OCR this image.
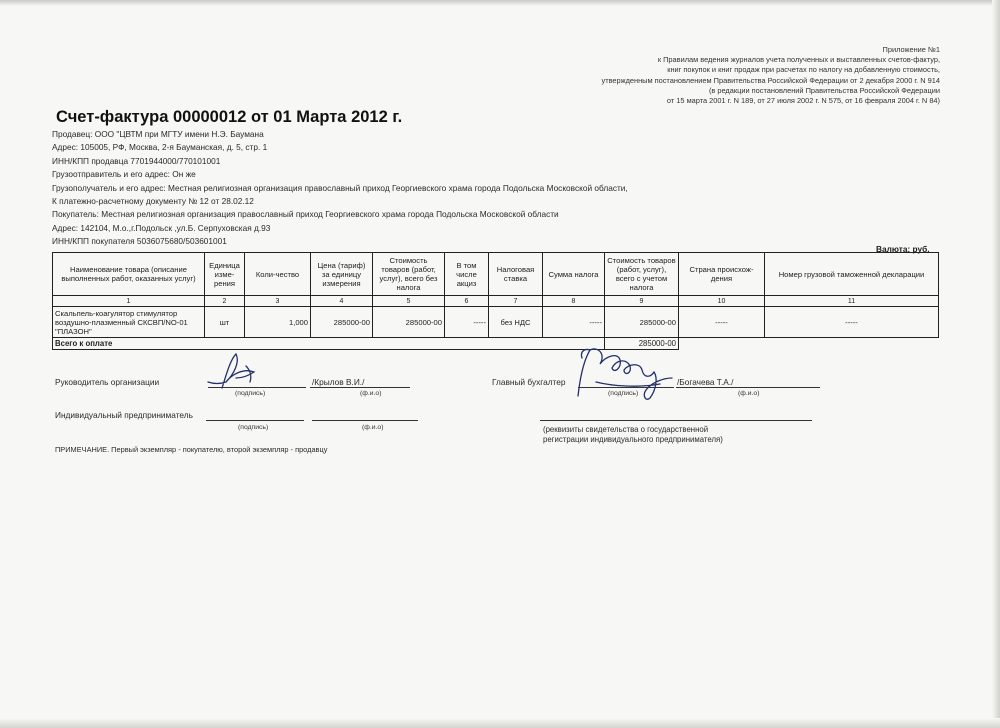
Приложение №1
к Правилам ведения журналов учета полученных и выставленных счетов-фактур,
книг покупок и книг продаж при расчетах по налогу на добавленную стоимость,
утвержденным постановлением Правительства Российской Федерации от 2 декабря 2000 г. N 914
(в редакции постановлений Правительства Российской Федерации
от 15 марта 2001 г. N 189, от 27 июля 2002 г. N 575, от 16 февраля 2004 г. N 84)
Счет-фактура 00000012 от 01 Марта 2012 г.
Продавец: ООО "ЦВТМ при МГТУ имени Н.Э. Баумана
Адрес: 105005, РФ, Москва, 2-я Бауманская, д. 5, стр. 1
ИНН/КПП продавца 7701944000/770101001
Грузоотправитель и его адрес: Он же
Грузополучатель и его адрес: Местная религиозная организация православный приход Георгиевского храма города Подольска Московской области,
К платежно-расчетному документу № 12 от 28.02.12
Покупатель: Местная религиозная организация православный приход Георгиевского храма города Подольска Московской области
Адрес: 142104, М.о.,г.Подольск ,ул.Б. Серпуховская д.93
ИНН/КПП покупателя 5036075680/503601001
Валюта: руб.
Наименование товара (описание выполненных работ, оказанных услуг)	Единица изме-рения	Коли-чество	Цена (тариф) за единицу измерения	Стоимость товаров (работ, услуг), всего без налога	В том числе акциз	Налоговая ставка	Сумма налога	Стоимость товаров (работ, услуг), всего с учетом налога	Страна происхож-дения	Номер грузовой таможенной декларации
1	2	3	4	5	6	7	8	9	10	11
Скальпель-коагулятор стимулятор воздушно-плазменный СКСВП/NO-01 "ПЛАЗОН"	шт	1,000	285000-00	285000-00	-----	без НДС	-----	285000-00	-----	-----
Всего к оплате								285000-00		
Руководитель организации
(подпись)
/Крылов В.И./
(ф.и.о)
Главный бухгалтер
(подпись)
/Богачева Т.А./
(ф.и.о)
Индивидуальный предприниматель
(подпись)	(ф.и.о)	(реквизиты свидетельства о государственной
регистрации индивидуального предпринимателя)
ПРИМЕЧАНИЕ. Первый экземпляр - покупателю, второй экземпляр - продавцу
